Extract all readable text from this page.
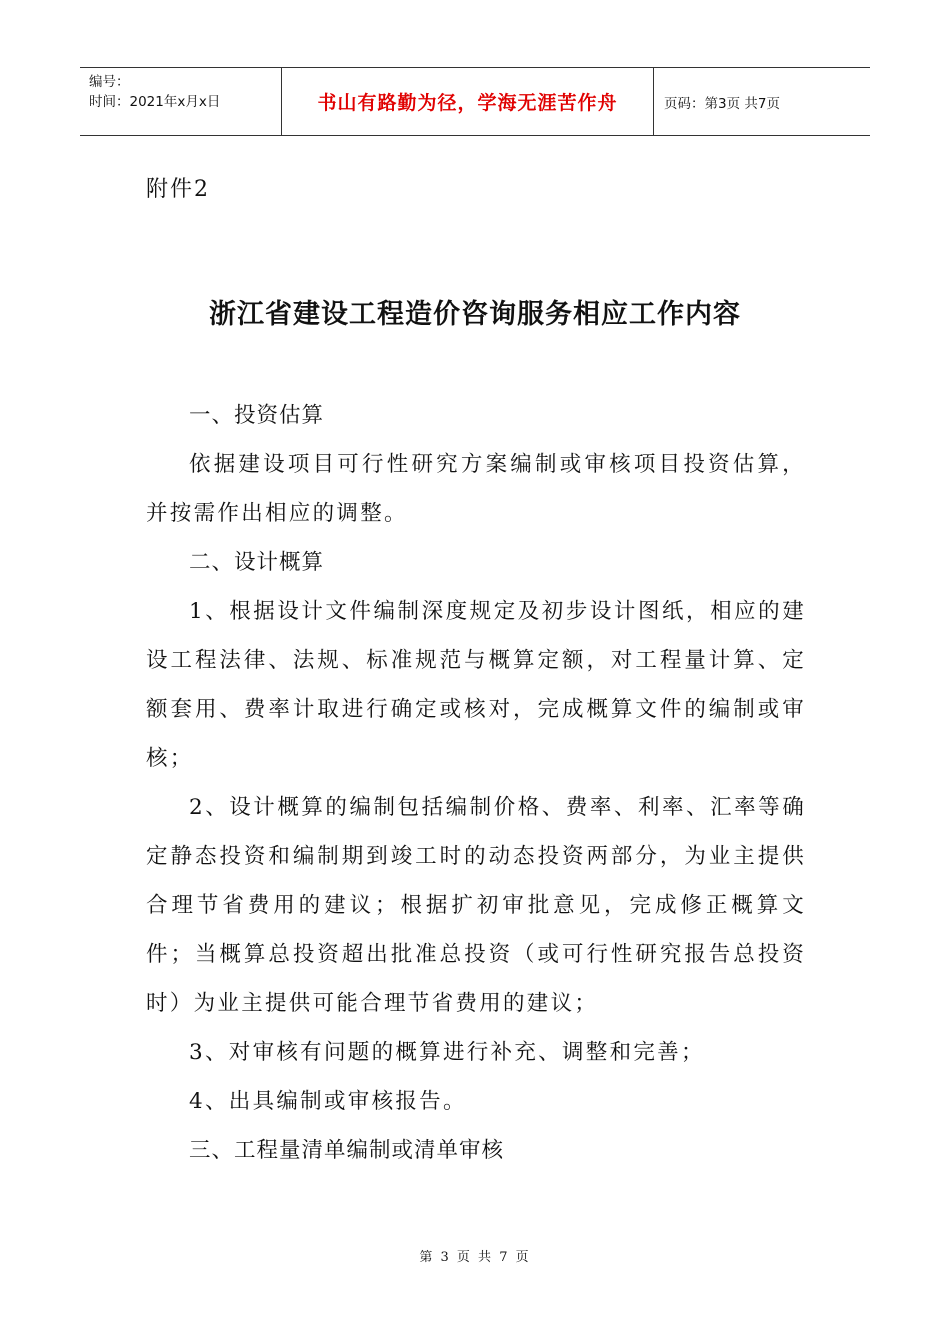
编号：
时间：2021年x月x日	书山有路勤为径，学海无涯苦作舟	页码：第3页 共7页
附件2
浙江省建设工程造价咨询服务相应工作内容

一、投资估算

依据建设项目可行性研究方案编制或审核项目投资估算，并按需作出相应的调整。

二、设计概算

1、根据设计文件编制深度规定及初步设计图纸，相应的建设工程法律、法规、标准规范与概算定额，对工程量计算、定额套用、费率计取进行确定或核对，完成概算文件的编制或审核；

2、设计概算的编制包括编制价格、费率、利率、汇率等确定静态投资和编制期到竣工时的动态投资两部分，为业主提供合理节省费用的建议；根据扩初审批意见，完成修正概算文件；当概算总投资超出批准总投资（或可行性研究报告总投资时）为业主提供可能合理节省费用的建议；

3、对审核有问题的概算进行补充、调整和完善；

4、出具编制或审核报告。

三、工程量清单编制或清单审核

第 3 页 共 7 页
